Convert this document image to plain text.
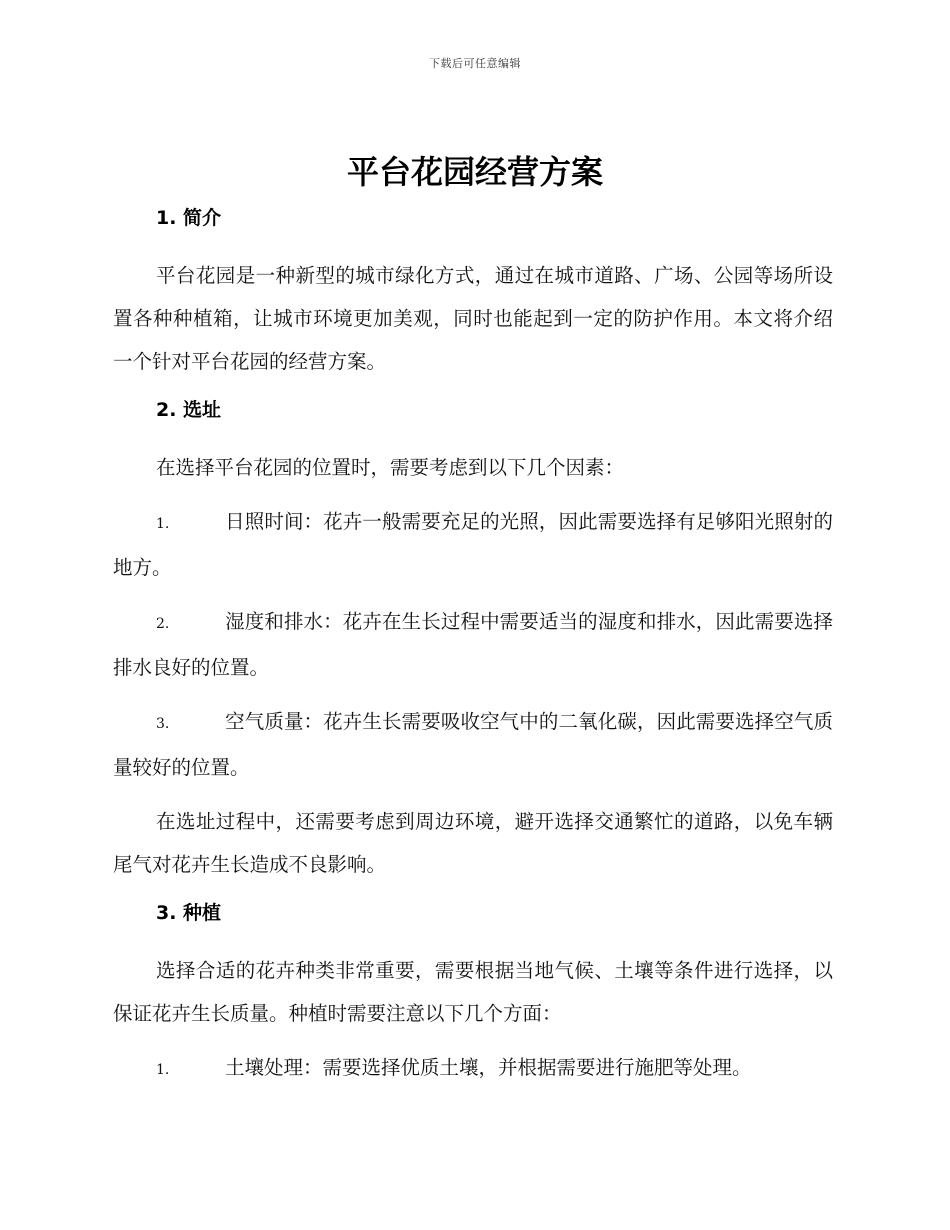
下载后可任意编辑
平台花园经营方案
1. 简介

平台花园是一种新型的城市绿化方式，通过在城市道路、广场、公园等场所设置各种种植箱，让城市环境更加美观，同时也能起到一定的防护作用。本文将介绍一个针对平台花园的经营方案。

2. 选址

在选择平台花园的位置时，需要考虑到以下几个因素：

1.	日照时间：花卉一般需要充足的光照，因此需要选择有足够阳光照射的地方。
2.	湿度和排水：花卉在生长过程中需要适当的湿度和排水，因此需要选择排水良好的位置。
3.	空气质量：花卉生长需要吸收空气中的二氧化碳，因此需要选择空气质量较好的位置。

在选址过程中，还需要考虑到周边环境，避开选择交通繁忙的道路，以免车辆尾气对花卉生长造成不良影响。

3. 种植

选择合适的花卉种类非常重要，需要根据当地气候、土壤等条件进行选择，以保证花卉生长质量。种植时需要注意以下几个方面：

1.	土壤处理：需要选择优质土壤，并根据需要进行施肥等处理。
